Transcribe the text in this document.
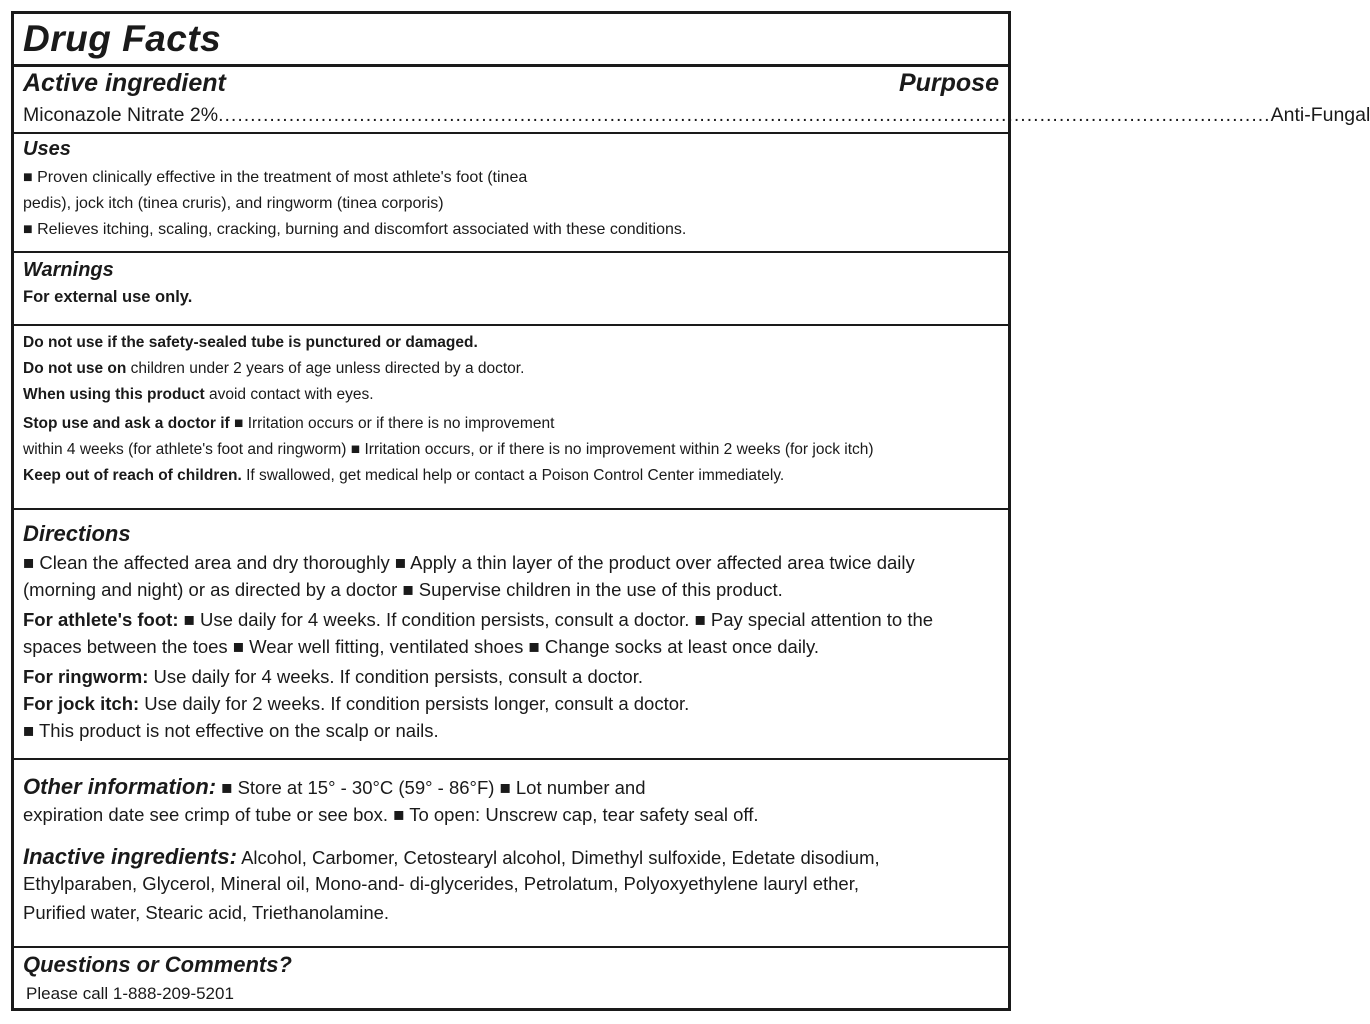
Drug Facts
Active ingredient	Purpose
Miconazole Nitrate 2% .................................................................................................................................................................... Anti-Fungal
Uses
■ Proven clinically effective in the treatment of most athlete's foot (tinea
pedis), jock itch (tinea cruris), and ringworm (tinea corporis)
■ Relieves itching, scaling, cracking, burning and discomfort associated with these conditions.
Warnings
For external use only.
Do not use if the safety-sealed tube is punctured or damaged.
Do not use on children under 2 years of age unless directed by a doctor.
When using this product avoid contact with eyes.
Stop use and ask a doctor if ■ Irritation occurs or if there is no improvement
within 4 weeks (for athlete's foot and ringworm) ■ Irritation occurs, or if there is no improvement within 2 weeks (for jock itch)
Keep out of reach of children. If swallowed, get medical help or contact a Poison Control Center immediately.
Directions
■ Clean the affected area and dry thoroughly ■ Apply a thin layer of the product over affected area twice daily
(morning and night) or as directed by a doctor ■ Supervise children in the use of this product.
For athlete's foot: ■ Use daily for 4 weeks. If condition persists, consult a doctor. ■ Pay special attention to the
spaces between the toes ■ Wear well fitting, ventilated shoes ■ Change socks at least once daily.
For ringworm: Use daily for 4 weeks. If condition persists, consult a doctor.
For jock itch: Use daily for 2 weeks. If condition persists longer, consult a doctor.
■ This product is not effective on the scalp or nails.
Other information: ■ Store at 15° - 30°C (59° - 86°F) ■ Lot number and
expiration date see crimp of tube or see box. ■ To open: Unscrew cap, tear safety seal off.
Inactive ingredients: Alcohol, Carbomer, Cetostearyl alcohol, Dimethyl sulfoxide, Edetate disodium,
Ethylparaben, Glycerol, Mineral oil, Mono-and- di-glycerides, Petrolatum, Polyoxyethylene lauryl ether,
Purified water, Stearic acid, Triethanolamine.
Questions or Comments?
Please call 1-888-209-5201
